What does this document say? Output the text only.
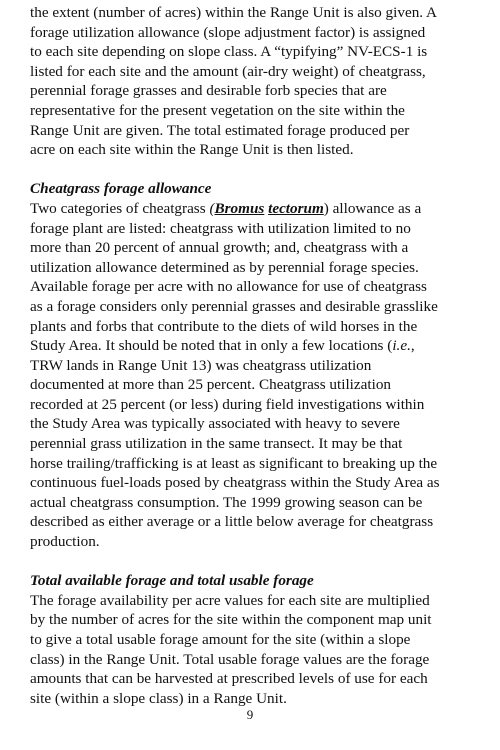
the extent (number of acres) within the Range Unit is also given. A
forage utilization allowance (slope adjustment factor) is assigned
to each site depending on slope class. A “typifying” NV-ECS-1 is
listed for each site and the amount (air-dry weight) of cheatgrass,
perennial forage grasses and desirable forb species that are
representative for the present vegetation on the site within the
Range Unit are given. The total estimated forage produced per
acre on each site within the Range Unit is then listed.
Cheatgrass forage allowance
Two categories of cheatgrass (Bromus tectorum) allowance as a
forage plant are listed: cheatgrass with utilization limited to no
more than 20 percent of annual growth; and, cheatgrass with a
utilization allowance determined as by perennial forage species.
Available forage per acre with no allowance for use of cheatgrass
as a forage considers only perennial grasses and desirable grasslike
plants and forbs that contribute to the diets of wild horses in the
Study Area. It should be noted that in only a few locations (i.e.,
TRW lands in Range Unit 13) was cheatgrass utilization
documented at more than 25 percent. Cheatgrass utilization
recorded at 25 percent (or less) during field investigations within
the Study Area was typically associated with heavy to severe
perennial grass utilization in the same transect. It may be that
horse trailing/trafficking is at least as significant to breaking up the
continuous fuel-loads posed by cheatgrass within the Study Area as
actual cheatgrass consumption. The 1999 growing season can be
described as either average or a little below average for cheatgrass
production.
Total available forage and total usable forage
The forage availability per acre values for each site are multiplied
by the number of acres for the site within the component map unit
to give a total usable forage amount for the site (within a slope
class) in the Range Unit. Total usable forage values are the forage
amounts that can be harvested at prescribed levels of use for each
site (within a slope class) in a Range Unit.
9
